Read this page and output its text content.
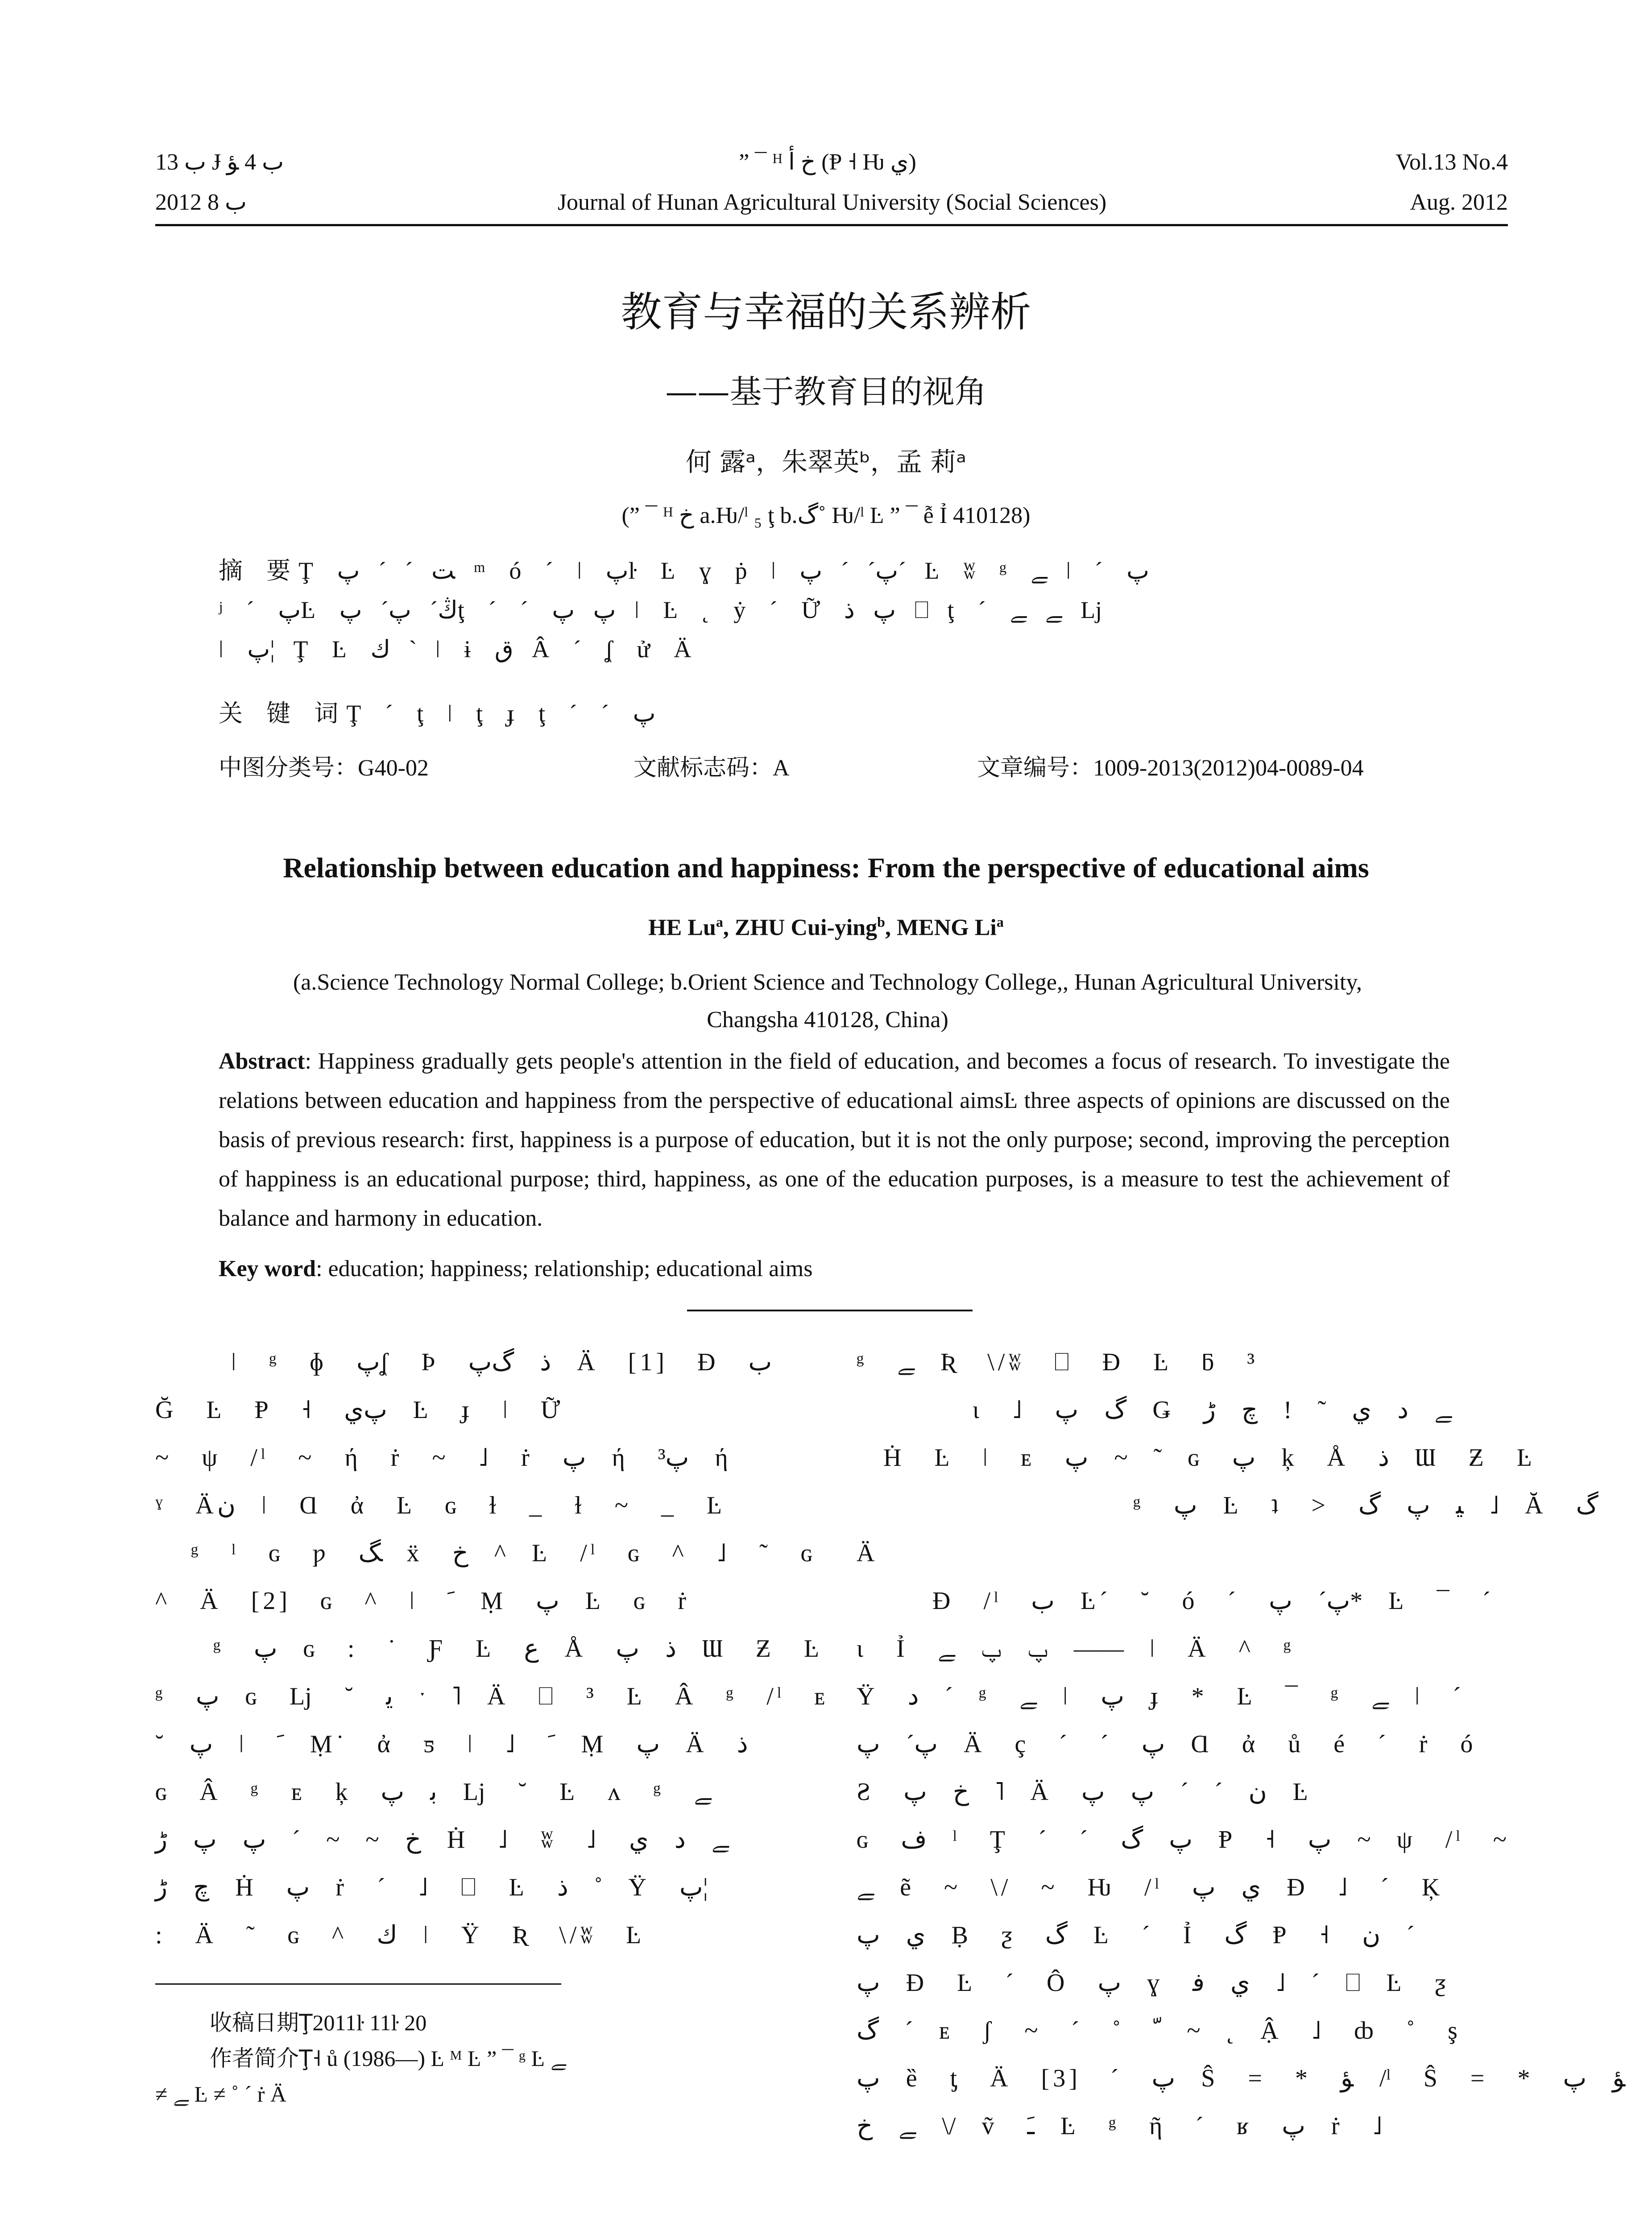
ﺏ 13 Ɉ ﺏ 4 ﺆ
2012 ﺏ 8
” ¯ ᴴ ﺥ ﺃ (Ᵽ ˧ Ƕ ﻱ)
Journal of Hunan Agricultural University (Social Sciences)
Vol.13 No.4
Aug. 2012
教育与幸福的关系辨析
——基于教育目的视角
何 露ᵃ，朱翠英ᵇ，孟 莉ᵃ
(” ¯ ᴴ ﺥ a.Ƕ/ˡ ₅ ţ b.ﮒ˚ Ƕ/ˡ Ŀ ” ¯ ễ Ỉ 410128)
摘 要Ţ ﺖ ´ ˊ ﭖ ᵐ ó ´ ǀ ﭖŀ Ŀ ɣ ṗ ǀ ﭖ´ ´ ﭖ´ Ŀ ʬ ᵍ ﮯ ǀ ´ ﭖ
ʲ ˊ ﭖĿ ﯓ´ ﭖˊ ﭖţ ´ ˊ ﭖ ﭖ ǀ Ŀ ˛ ẏ ´ Ữ ﭖ ﺫ ⎕ ţ ´ ﮯ ﮯ ǈ
ǀ ﭖ¦ Ţ Ŀ ﻙ ˋ ǀ ɨ ﻕ Â ´ ʆ ử Ä
关 键 词Ţ ´ ţ ǀ ţ ɟ ţ ´ ˊ ﭖ
中图分类号：G40-02	文献标志码：A	文章编号：1009-2013(2012)04-0089-04
Relationship between education and happiness: From the perspective of educational aims
HE Lu$^a$, ZHU Cui-ying$^b$, MENG Li$^a$
(a.Science Technology Normal College; b.Orient Science and Technology College,, Hunan Agricultural University,
Changsha 410128, China)
Abstract: Happiness gradually gets people's attention in the field of education, and becomes a focus of research. To investigate the relations between education and happiness from the perspective of educational aimsĿ three aspects of opinions are discussed on the basis of previous research: first, happiness is a purpose of education, but it is not the only purpose; second, improving the perception of happiness is an educational purpose; third, happiness, as one of the education purposes, is a measure to test the achievement of balance and harmony in education.
Key word: education; happiness; relationship; educational aims
ǀ ᵍ ɸ ﭖʆ Þ ﺫ ﮒﭖ Ä [1] Ɖ ﺏ
Ğ Ŀ Ᵽ ˧ ﭖﻱ Ŀ ɟ ǀ Ữ
~ ψ /ˡ ~ ή ṙ ~ ˩ ṙ ﭖ ή ﭖ³ ή
ˠ Äﻥ ǀ Ɑ ἀ Ŀ ɢ ɫ _ ɫ ~ _ Ŀ
ᵍ ˡ ɢ ƿ ﮓ ẍ ﺥ ^ Ŀ /ˡ ɢ ^ ˩ ˜ ɢ
^ Ä [2] ɢ ^ ǀ ﹶ Ṃ ﭖ Ŀ ɢ ṙ
ᵍ ﭖ ɢ : ˙ Ƒ Ŀ ﻉ Å ﺫ ﭖ Ɯ Ƶ Ŀ
ᵍ ﭖ ɢ ǈ ˘ ﯾ ˑ ˥ Ä ⎕ ³ Ŀ Â ᵍ /ˡ ᴇ
˘ ﭖ ǀ ﹶ Ṃ˙ ἀ ƽ ǀ ˩ ﹶ Ṃ ﭖ Ä ﺫ
ɢ Â ᵍ ᴇ ķ ﺑ ﭖ ǈ ˘ Ŀ ʌ ᵍ ﮯ
ﺥ ~ ~ ˊ ﭖ ﭖ ﮌ Ḣ ˩ ʬ ˩ ﮯ ﺩ ﻱ
ﭺ ﮌ Ḣ ﭖ ṙ ´ ˩ ⎕ Ŀ ﺫ ˚ Ÿ ﭖ¦
: Ä ˜ ɢ ^ ﻙ ǀ Ÿ Ʀ \/ʬ Ŀ
ᵍ ﮯ Ʀ \/ʬ ⎕ Ɖ Ŀ ƃ ³
ι ˩ ﮒ ﭖ Ǥ ﮯ ﺩ ﻱ ˜ ! ﭺ ﮌ
Ḣ Ŀ ǀ ᴇ ﭖ ~ ˜ ɢ ﭖ ķ Å ﺫ Ɯ Ƶ Ŀ
ᵍ ﭖ Ŀ ʇ ˃ ﻴ ﭖ ﮒ ˩ Ă ﮒ
Ä
Ɖ /ˡ ﺏ Ŀ´ ˘ ó ´ ﭖˊ ﭖ* Ŀ ¯ ˊ
ι Ỉ ﭖ ﭖ ﮯ —— ǀ Ä ^ ᵍ
Ÿ ﺩ ´ ᵍ ﮯ ǀ ﭖ ɟ * Ŀ ¯ ᵍ ﮯ ǀ ´
ﭖˊ ﭖ Ä ç ´ ˊ ﭖ Ɑ ἀ ů é ´ ṙ ó
Ƨ ﺥ ﭖ ˥ Ä ﻥ ´ ˊ ﭖ ﭖ Ŀ
ɢ ﻑ ˡ Ţ ´ ˊ ﭖ ﮒ Ᵽ ˧ ﭖ ~ ψ /ˡ ~
ﮯ ẽ ~ \/ ~ Ƕ /ˡ ﻱ ﭖ Ɖ ˩ ´ Ķ
ﻱ ﭖ Ḅ ƺ ﮒ Ŀ ´ Ỉ ﮒ Ᵽ ˧ ﻥ ´
ﭖ Ɖ Ŀ ´ Ô ﭖ ɣ ﻱ ﻓ ˩ ˊ ⎕ Ŀ ƺ
ﮒ ´ ᴇ ʃ ~ ´ ˚ ﹼ ~ ˛ Ậ ˩ ȸ ˚ ş
ﭖ ȅ ƫ Ä [3] ´ ﭖ Ŝ = * ﺆ /ˡ Ŝ = * ﺆ ﭖ
ﮯ ﺥ \/ ṽ ﹷ Ŀ ᵍ ῆ ´ ʁ ﭖ ṙ ˩
收稿日期Ţ2011ŀ 11ŀ 20
作者简介Ţ˧ ů (1986—) Ŀ ᴹ Ŀ ” ¯ ᵍ Ŀ ﮯ
≠ ﮯ Ŀ ≠ ˚ ´ ṙ Ä
